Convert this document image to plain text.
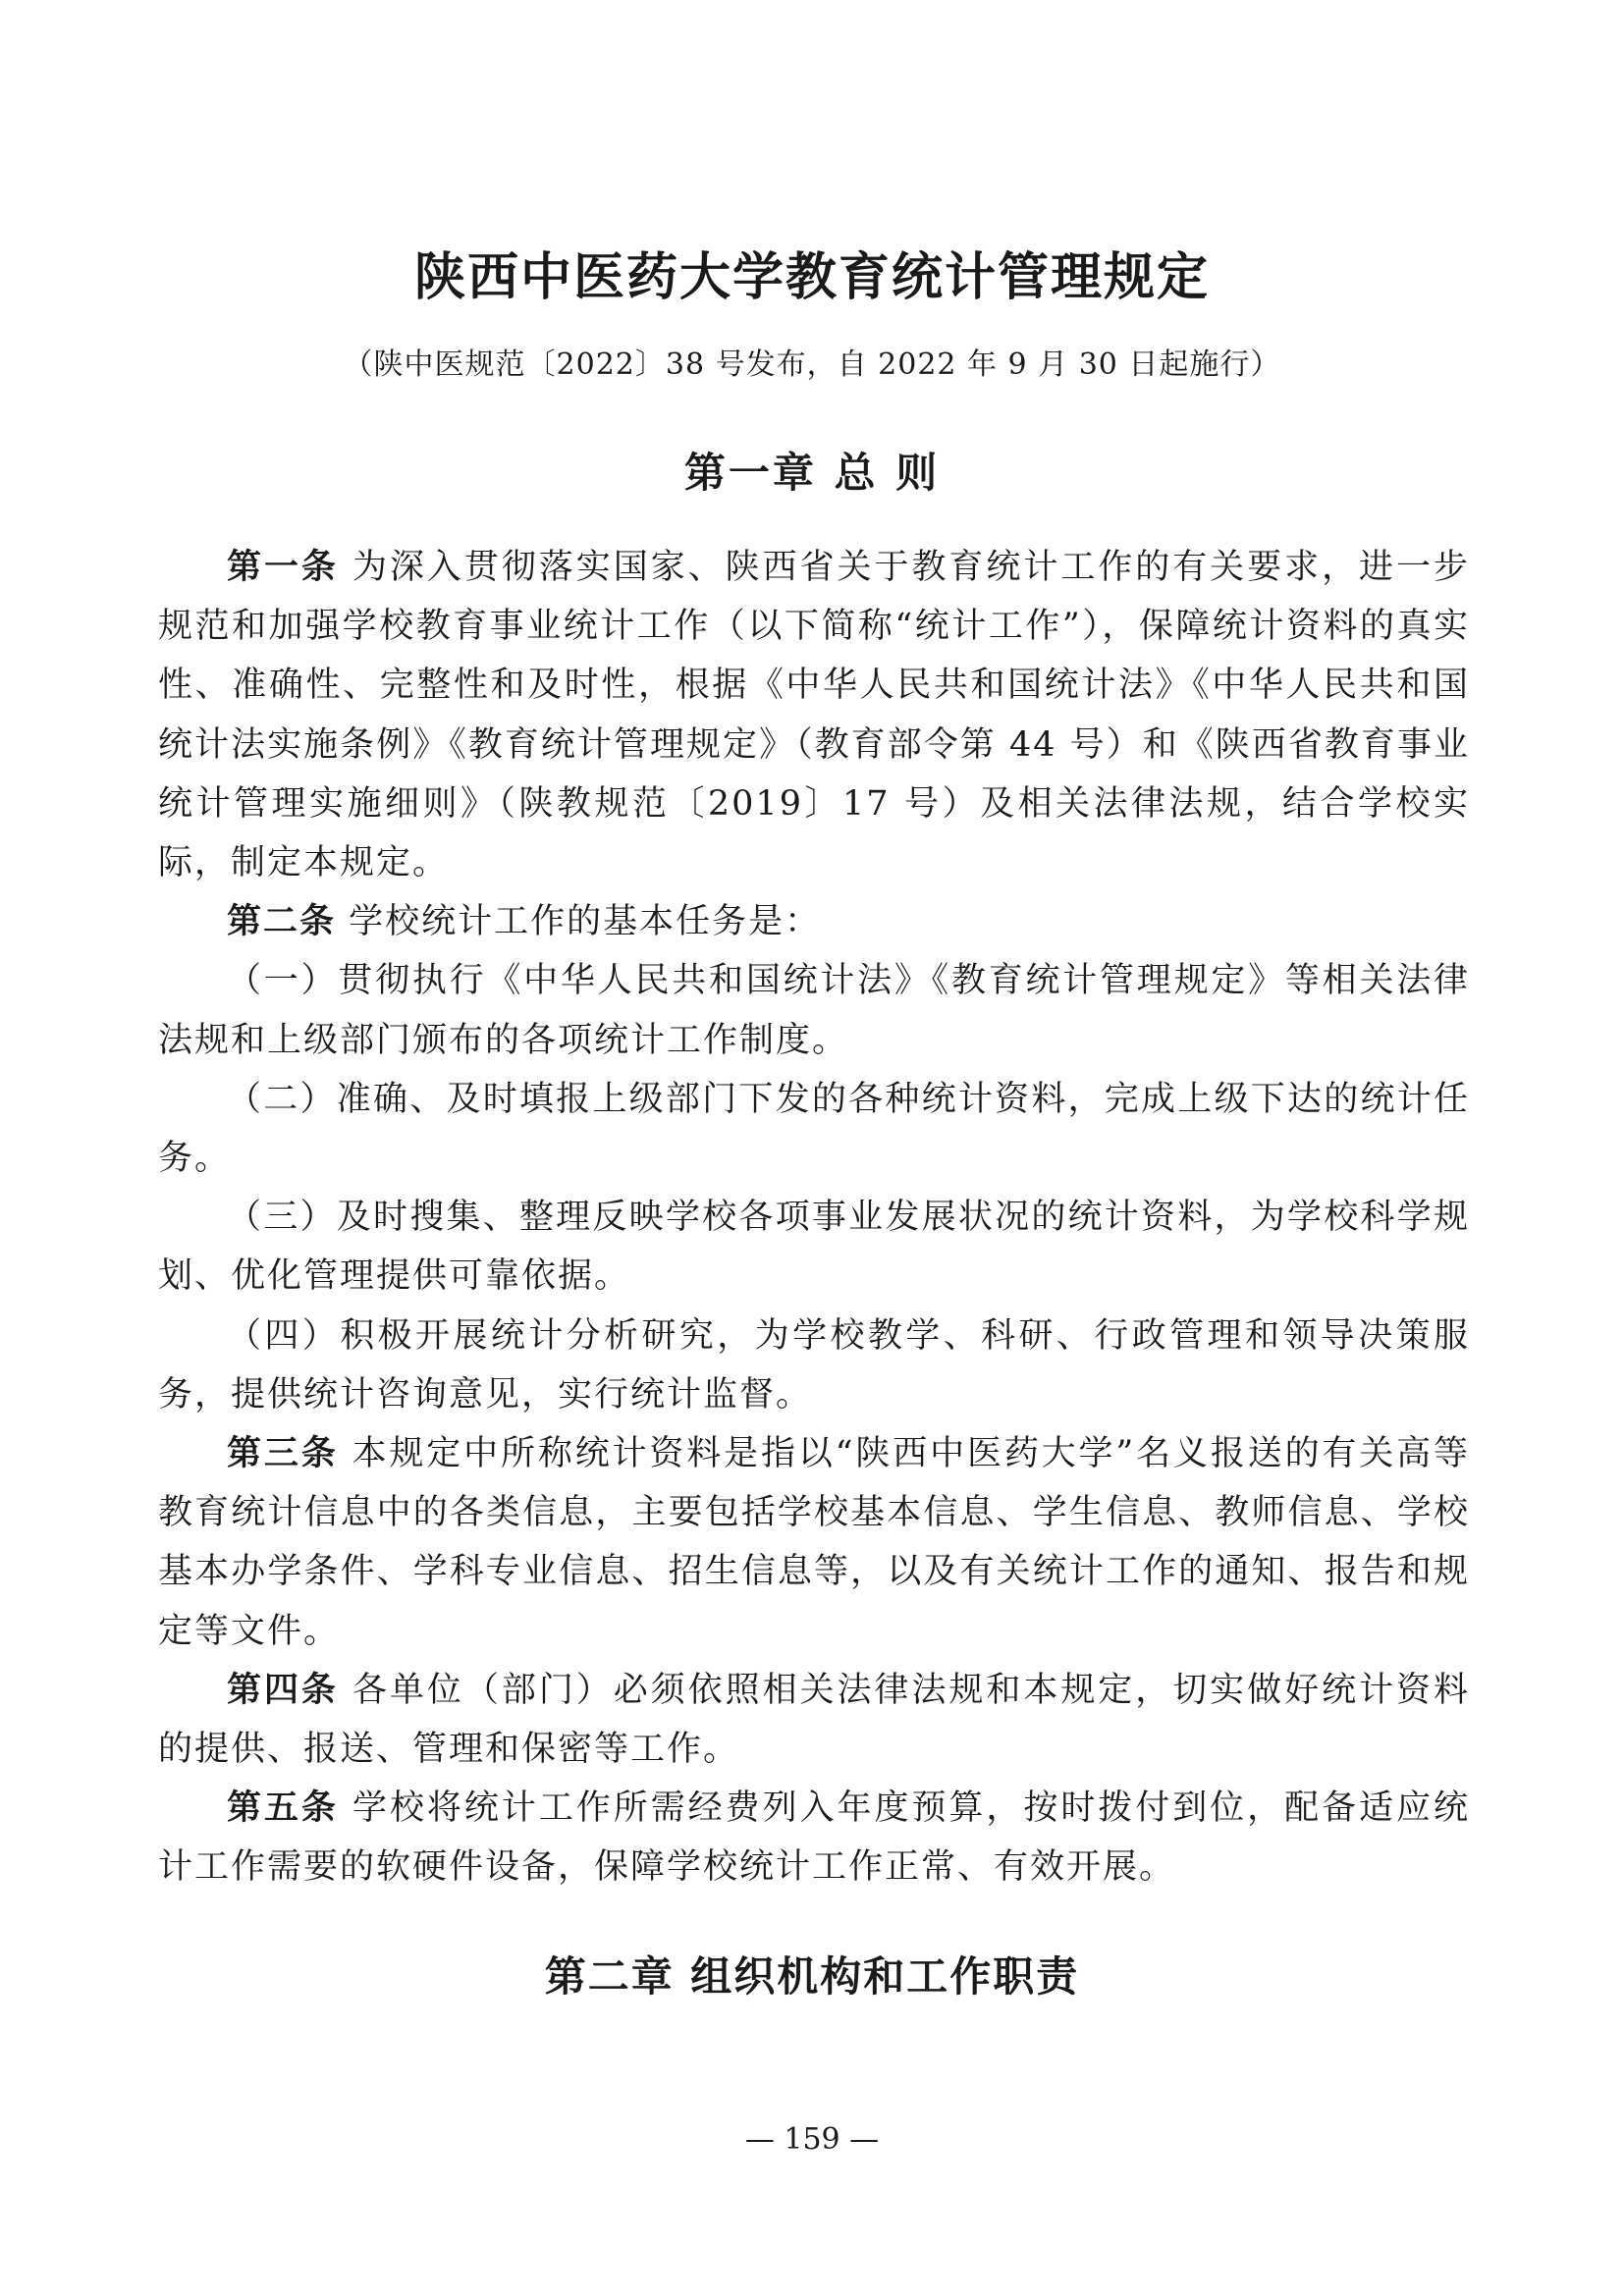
陕西中医药大学教育统计管理规定

（陕中医规范〔2022〕38 号发布，自 2022 年 9 月 30 日起施行）

第一章 总 则

第一条 为深入贯彻落实国家、陕西省关于教育统计工作的有关要求，进一步规范和加强学校教育事业统计工作（以下简称“统计工作”），保障统计资料的真实性、准确性、完整性和及时性，根据《中华人民共和国统计法》《中华人民共和国统计法实施条例》《教育统计管理规定》（教育部令第 44 号）和《陕西省教育事业统计管理实施细则》（陕教规范〔2019〕17 号）及相关法律法规，结合学校实际，制定本规定。

第二条 学校统计工作的基本任务是：

（一）贯彻执行《中华人民共和国统计法》《教育统计管理规定》等相关法律法规和上级部门颁布的各项统计工作制度。

（二）准确、及时填报上级部门下发的各种统计资料，完成上级下达的统计任务。

（三）及时搜集、整理反映学校各项事业发展状况的统计资料，为学校科学规划、优化管理提供可靠依据。

（四）积极开展统计分析研究，为学校教学、科研、行政管理和领导决策服务，提供统计咨询意见，实行统计监督。

第三条 本规定中所称统计资料是指以“陕西中医药大学”名义报送的有关高等教育统计信息中的各类信息，主要包括学校基本信息、学生信息、教师信息、学校基本办学条件、学科专业信息、招生信息等，以及有关统计工作的通知、报告和规定等文件。

第四条 各单位（部门）必须依照相关法律法规和本规定，切实做好统计资料的提供、报送、管理和保密等工作。

第五条 学校将统计工作所需经费列入年度预算，按时拨付到位，配备适应统计工作需要的软硬件设备，保障学校统计工作正常、有效开展。

第二章 组织机构和工作职责

— 159 —
